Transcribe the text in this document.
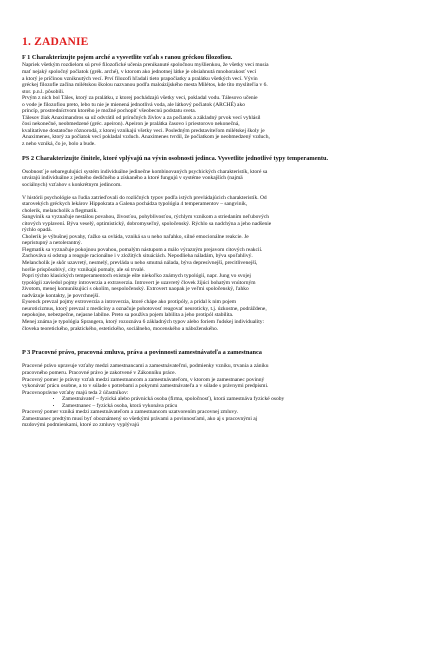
1. ZADANIE
F 1 Charakterizujte pojem arché a vysvetlite vzťah s ranou gréckou filozofiou.

Napriek všetkým rozdielom sú prvé filozofické učenia prenikanuté spoločnou myšlienkou, že všetky veci musia

mať nejaký spoločný počiatok (grék. arché), v ktorom ako jednotnej látke je obsiahnutá mnohorakosť vecí

a ktorý je príčinou vzniknutých vecí. Prví filozofi hľadali tieto prapočiatky a pralátku všetkých vecí. Vývin

gréckej filozofie začína milétskou školou nazvanou podľa maloázijského mesta Milétos, kde títo mysliteľia v 6.

stor. p.n.l. pôsobili.

Prvým z nich bol Táles, ktorý za pralátku, z ktorej pochádzajú všetky veci, pokladal vodu. Tálesovo učenie

o vode je filozofiou preto, lebo tu nie je mienená jednotlivá voda, ale látkový počiatok (ARCHÉ) ako

princíp, prostredníctvom ktorého je možné pochopiť všeobecnú podstatu sveta.

Tálesov žiak Anaximandros sa už odvrátil od príručných živlov a za počiatok a základný prvok vecí vyhlásil

čosi nekonečné, neobmedzené (gréc. apeiron). Apeiron je pralátka časovo i priestorovo nekonečná,

kvalitatívne dostatočne rôznorodá, z ktorej vznikajú všetky veci. Posledným predstaviteľom milétskej školy je

Anaximenes, ktorý za počiatok vecí pokladal vzduch. Anaximenes tvrdil, že počiatkom je neobmedzený vzduch,

z neho vzniká, čo je, bolo a bude.

PS 2 Charakterizujte činitele, ktoré vplývajú na vývin osobnosti jedinca. Vysvetlite jednotlivé typy temperamentu.

Osobnosť je sebaregulujúci systém individuálne jedinečne kombinovaných psychických charakteristík, ktoré sa

utvárajú individuálne z jedného dedičného a získaného a ktoré fungujú v systéme vonkajších (najmä

sociálnych) vzťahov s konkrétnym jedincom.

V histórii psychológie sa ľudia zatrieďovali do rozličných typov podľa istých prevládajúcich charakteristík. Od

starovekých gréckych lekárov Hippokrata a Galena pochádza typológia 4 temperamentov – sangvinik,

cholerik, melancholik a flegmatik.

Sangvinik sa vyznačuje nestálou povahou, živosťou, pohyblivosťou, rýchlym vznikom a striedaním neľubových

citových vyplavení. Býva veselý, optimistický, dobromyseľný, spoločenský. Rýchlo sa nadchýna a jeho nadšenie

rýchlo opadá.

Cholerik je výbušnej povahy, ťažko sa ovláda, vzniká sa u neho naľahko, silné emocionálne reakcie. Je

nepristupný a netolerantný.

Flegmatik sa vyznačuje pokojnou povahou, pomalým nástupom a málo výrazným prejavom citových reakcií.

Zachováva si odstup a reaguje racionálne i v zložitých situáciách. Nepodlieha náladám, býva spoľahlivý.

Melancholik je skôr uzavretý, nesmelý, prevláda u neho smutná nálada, býva depresívnejší, precitlivenejší,

horšie prispôsobivý, city vznikajú pomaly, ale sú trvalé.

Popri týchto klasických temperamentoch existuje ešte niekoľko známych typológií, napr. Jung vo svojej

typológii zaviedol pojmy introverzia a extraverzia. Introvert je uzavretý človek žijúci bohatým vnútorným

životom, menej komunikujúci s okolím, nespoločenský. Extrovert naopak je veľmi spoločenský, ľahko

nadväzuje kontakty, je povrchnejší.

Eysenck prevzal pojmy extroverzia a introverzia, ktoré chápe ako protipóly, a pridal k nim pojem

neuroticizmus, ktorý prevzal z medicíny a označuje pohotovosť reagovať neuroticky, t.j. úzkostne, podráždene,

nepokojne, nebezpečne, nejasne labilne. Preto sa používa pojem labilita a jeho protipól stabilita.

Menej známa je typológia Sprangera, ktorý rozoznáva 6 základných typov alebo foriem ľudskej individuality:

človeka teoretického, praktického, estetického, sociálneho, mocenského a náboženského.

P 3 Pracovné právo, pracovná zmluva, práva a povinnosti zamestnávateľa a zamestnanca

Pracovné právo upravuje vzťahy medzi zamestnancami a zamestnávateľmi, podmienky vzniku, trvania a zániku

pracovného pomeru. Pracovné právo je zakotvené v Zákonníku práce.

Pracovný pomer je právny vzťah medzi zamestnancom a zamestnávateľom, v ktorom je zamestnanec povinný

vykonávať prácu osobne, a to v súlade s potrebami a pokynmi zamestnávateľa a v súlade s právnymi predpismi.

Pracovnoprávne vzťahy majú teda 2 účastníkov:

• Zamestnávateľ – fyzická alebo právnická osoba (firma, spoločnosť), ktorá zamestnáva fyzické osoby
• Zamestnanec – fyzická osoba, ktorá vykonáva prácu

Pracovný pomer vzniká medzi zamestnávateľom a zamestnancom uzatvorením pracovnej zmluvy.

Zamestnanec predtým musí byť oboznámený so všetkými právami a povinnosťami, ako aj s pracovnými aj

mzdovými podmienkami, ktoré zo zmluvy vyplývajú
